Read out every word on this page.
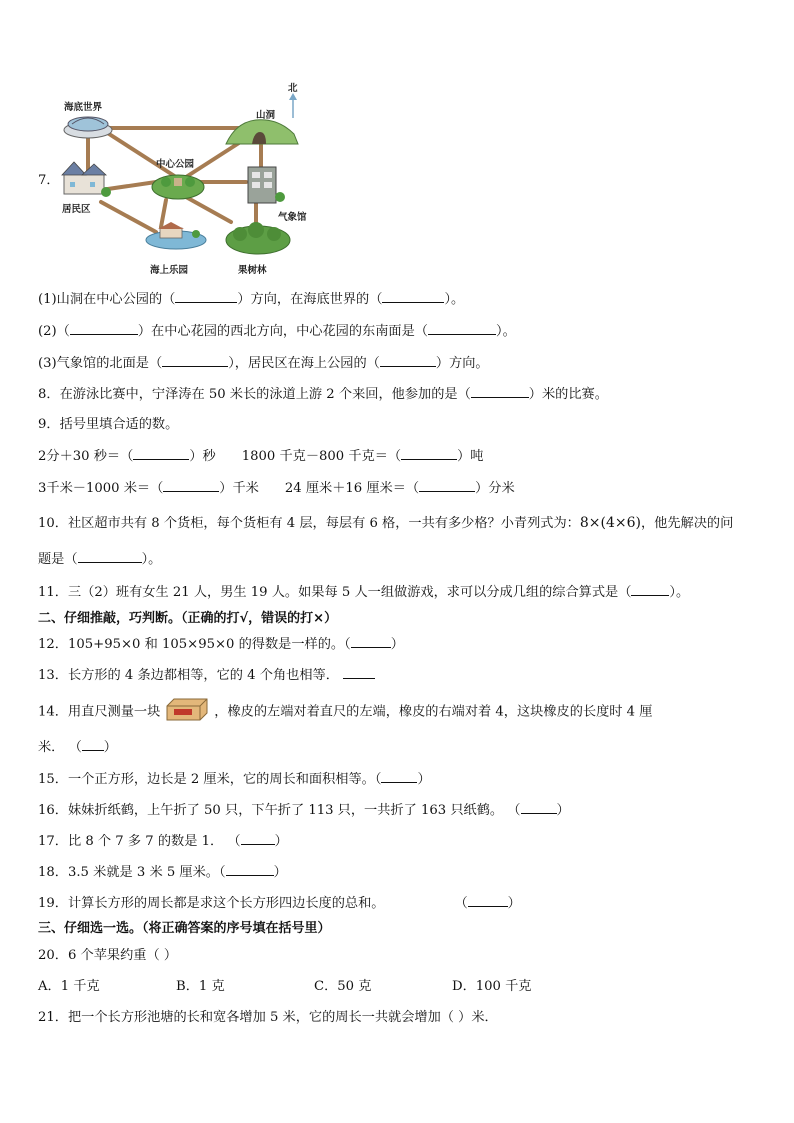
7．
北
海底世界
山洞
中心公园
居民区
气象馆
海上乐园	果树林
(1)山洞在中心公园的（	）方向，在海底世界的（	）。
(2)（	）在中心花园的西北方向，中心花园的东南面是（	）。
(3)气象馆的北面是（	），居民区在海上公园的（	）方向。
8．在游泳比赛中，宁泽涛在 50 米长的泳道上游 2 个来回，他参加的是（	）米的比赛。
9．括号里填合适的数。
2分＋30 秒＝（	）秒 1800 千克－800 千克＝（	）吨
3千米－1000 米＝（	）千米 24 厘米＋16 厘米＝（	）分米
10．社区超市共有 8 个货柜，每个货柜有 4 层，每层有 6 格，一共有多少格？小青列式为：8×(4×6)，他先解决的问
题是（	）。
11．三（2）班有女生 21 人，男生 19 人。如果每 5 人一组做游戏，求可以分成几组的综合算式是（	）。
二、仔细推敲，巧判断。（正确的打√，错误的打×）
12．105+95×0 和 105×95×0 的得数是一样的。（	）
13．长方形的 4 条边都相等，它的 4 个角也相等．
14．用直尺测量一块	，橡皮的左端对着直尺的左端，橡皮的右端对着 4，这块橡皮的长度时 4 厘
米． （ ）
15．一个正方形，边长是 2 厘米，它的周长和面积相等。（	）
16．妹妹折纸鹤，上午折了 50 只，下午折了 113 只，一共折了 163 只纸鹤。 （	）
17．比 8 个 7 多 7 的数是 1． （	）
18．3.5 米就是 3 米 5 厘米。（	）
19．计算长方形的周长都是求这个长方形四边长度的总和。	（	）
三、仔细选一选。（将正确答案的序号填在括号里）
20．6 个苹果约重（ ）
A．1 千克	B．1 克	C．50 克	D．100 千克
21．把一个长方形池塘的长和宽各增加 5 米，它的周长一共就会增加（ ）米．
